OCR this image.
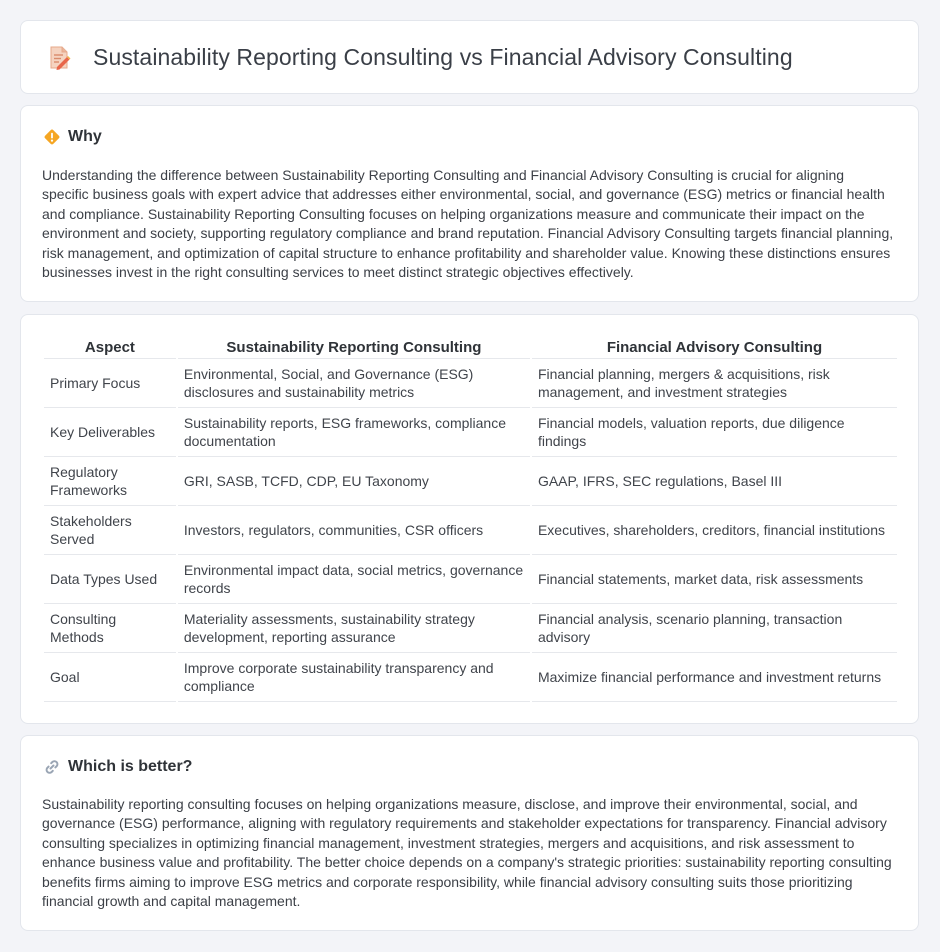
Sustainability Reporting Consulting vs Financial Advisory Consulting
Why

Understanding the difference between Sustainability Reporting Consulting and Financial Advisory Consulting is crucial for aligning specific business goals with expert advice that addresses either environmental, social, and governance (ESG) metrics or financial health and compliance. Sustainability Reporting Consulting focuses on helping organizations measure and communicate their impact on the environment and society, supporting regulatory compliance and brand reputation. Financial Advisory Consulting targets financial planning, risk management, and optimization of capital structure to enhance profitability and shareholder value. Knowing these distinctions ensures businesses invest in the right consulting services to meet distinct strategic objectives effectively.

Aspect	Sustainability Reporting Consulting	Financial Advisory Consulting
Primary Focus	Environmental, Social, and Governance (ESG) disclosures and sustainability metrics	Financial planning, mergers & acquisitions, risk management, and investment strategies
Key Deliverables	Sustainability reports, ESG frameworks, compliance documentation	Financial models, valuation reports, due diligence findings
Regulatory Frameworks	GRI, SASB, TCFD, CDP, EU Taxonomy	GAAP, IFRS, SEC regulations, Basel III
Stakeholders Served	Investors, regulators, communities, CSR officers	Executives, shareholders, creditors, financial institutions
Data Types Used	Environmental impact data, social metrics, governance records	Financial statements, market data, risk assessments
Consulting Methods	Materiality assessments, sustainability strategy development, reporting assurance	Financial analysis, scenario planning, transaction advisory
Goal	Improve corporate sustainability transparency and compliance	Maximize financial performance and investment returns
Which is better?

Sustainability reporting consulting focuses on helping organizations measure, disclose, and improve their environmental, social, and governance (ESG) performance, aligning with regulatory requirements and stakeholder expectations for transparency. Financial advisory consulting specializes in optimizing financial management, investment strategies, mergers and acquisitions, and risk assessment to enhance business value and profitability. The better choice depends on a company's strategic priorities: sustainability reporting consulting benefits firms aiming to improve ESG metrics and corporate responsibility, while financial advisory consulting suits those prioritizing financial growth and capital management.
